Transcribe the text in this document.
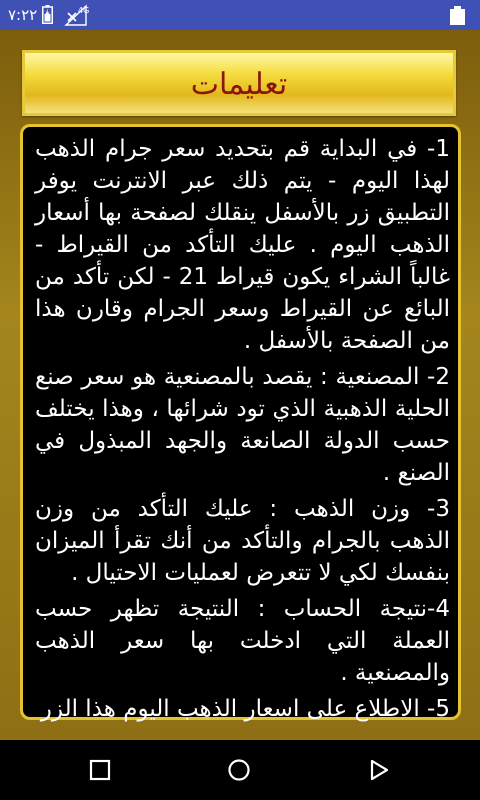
٧:٢٢	4G
تعليمات

1- في البداية قم بتحديد سعر جرام الذهب لهذا اليوم - يتم ذلك عبر الانترنت يوفر التطبيق زر بالأسفل ينقلك لصفحة بها أسعار الذهب اليوم . عليك التأكد من القيراط - غالباً الشراء يكون قيراط 21 - لكن تأكد من البائع عن القيراط وسعر الجرام وقارن هذا من الصفحة بالأسفل .

2- المصنعية : يقصد بالمصنعية هو سعر صنع الحلية الذهبية الذي تود شرائها ، وهذا يختلف حسب الدولة الصانعة والجهد المبذول في الصنع .

3- وزن الذهب : عليك التأكد من وزن الذهب بالجرام والتأكد من أنك تقرأ الميزان بنفسك لكي لا تتعرض لعمليات الاحتيال .

4-نتيجة الحساب : النتيجة تظهر حسب العملة التي ادخلت بها سعر الذهب والمصنعية .

5- الاطلاع على اسعار الذهب اليوم هذا الزر
